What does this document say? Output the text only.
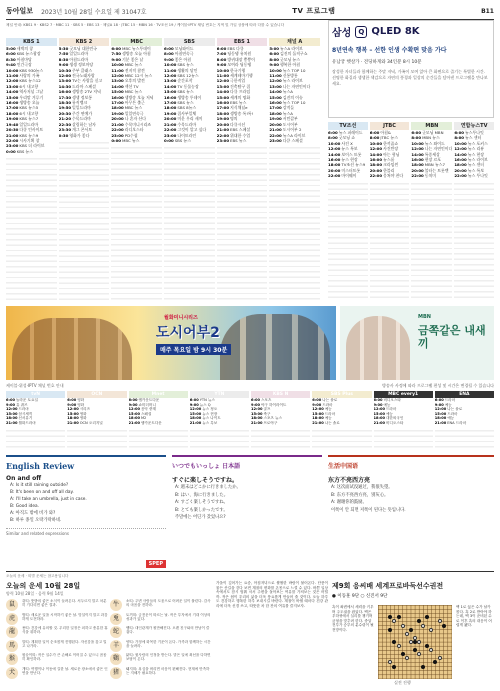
동아일보 2023년 10월 28일 수요일 제 31047호	TV 프로그램	B11
채널 안내: KBS1 9 · KBS2 7 · MBC 11 · SBS 5 · EBS 13 · 채널A 18 · JTBC 15 · MBN 16 · TV조선 19 / 케이블·IPTV 채널 번호는 지역 및 가입 상품에 따라 다를 수 있습니다
KBS 1
5:00새벽의 창
6:00KBS 뉴스광장
8:30아침마당
9:40인간극장
10:00KBS 930뉴스
11:00사랑의 가족
12:00KBS 뉴스12
13:006시 내고향
14:00역사저널 그날
15:00우리말 겨루기
16:00생방송 오늘
17:00KBS 뉴스5
18:006시 내고향
19:00KBS 뉴스7
19:40일일드라마
20:30다큐 인사이트
21:00KBS 뉴스9
22:00시사기획 창
23:00KBS 더 라이브
0:00KBS 뉴스
KBS 2
5:30굿모닝 대한민국
7:50일일드라마
8:30아침드라마
9:00생생 정보마당
10:30주부 클래스
12:00전국노래자랑
13:00TV는 사랑을 싣고
14:30드라마 스페셜
16:00생방송 2TV 저녁
17:30생생 정보통
18:30뮤직뱅크
19:50일일드라마
20:30주간 연예가
21:20수목드라마
22:30살림하는 남자
23:30개그 콘서트
0:30영화가 좋다
MBC
6:00MBC 뉴스투데이
7:50생방송 오늘 아침
9:00기분 좋은 날
10:00MBC 뉴스
11:00전지적 참견
12:00MBC 12시 뉴스
13:00오후의 발견
14:00섹션 TV
15:00MBC 뉴스
16:00생방송 오늘 저녁
17:00아무튼 출근
18:00MBC 뉴스
19:00일일연속극
20:00나 혼자 산다
21:00수목미니시리즈
22:00라디오스타
23:00PD수첩
0:00MBC 뉴스
SBS
6:00모닝와이드
8:00아침연속극
9:00좋은 아침
10:00SBS 뉴스
11:00생활의 달인
12:00SBS 12뉴스
13:00순간포착
14:00TV 동물농장
15:00SBS 뉴스
16:00생방송 투데이
17:00SBS 뉴스
18:00SBS 8뉴스
19:00집사부일체
20:00미운 우리 새끼
21:00수목드라마
22:00그것이 알고 싶다
23:00나이트라인
0:00SBS 뉴스
EBS 1
6:00EBS 다큐
7:00딩동댕 유치원
8:00방귀대장 뿡뿡이
9:00모여라 딩동댕
10:00한국기행
11:00세계테마기행
12:00극한직업
13:00건축탐구 집
14:00다큐 프라임
15:00세계의 명화
16:00EBS 뉴스
17:00지식채널e
18:00생방송 톡!톡!
19:00명의
20:00다큐시선
21:00EBS 스페셜
22:00위대한 수업
23:00EBS 뉴스
채널 A
5:00뉴스A 라이브
6:00김진의 돌직구쇼
8:00굿모닝 뉴스
9:00행복한 아침
10:00뉴스 TOP 10
11:00신통방통
12:00뉴스 라이브
13:00나는 자연인이다
14:00뉴스A
15:00김진의 이슈
16:00뉴스 TOP 10
17:00강적들
18:00뉴스A
19:00서민갑부
20:00도시어부
21:00도시어부 2
22:00뉴스A 라이브
23:00다큐 스페셜
삼성	Q QLED 8K
8년연속 행복 – 선한 인생 수확편 맞음 가다
유남궁 햇살가 · 견딩하게와 34인분 8시 10분
장성한 자녀들과 함께하는 주말 저녁, 가족이 모여 앉아 큰 화면으로 즐기는 특별한 시간. 선명한 화질과 생생한 색감으로 자연의 풍경과 일상의 순간들을 담아낸 프로그램을 만나보세요.
TV조선
6:00뉴스 퍼레이드
8:00굿모닝 쇼
10:00사건 X
12:00뉴스 특보
14:00보이스 트롯
16:00뉴스 현장
18:00TV조선 뉴스9
20:00미스터트롯
22:00마이웨이
JTBC
6:00아침&
8:00JTBC 뉴스
10:00한끼줍쇼
12:00사건반장
14:00아는 형님
16:00뉴스룸
18:00크라임씬
20:00한블리
22:00뭉쳐야 찬다
MBN
6:00굿모닝 MBN
8:00MBN 뉴스
10:00뉴스 와이드
12:00나는 자연인이다
14:00특종세상
16:00현장 르포
18:00MBN 뉴스7
20:00불타는 트롯맨
22:00동치미
연합뉴스TV
6:00뉴스투나잇
8:00뉴스 센터
10:00뉴스 포커스
12:00뉴스 리뷰
14:00뉴스 현장
16:00뉴스 라이브
18:00뉴스 센터
20:00뉴스 특보
22:00뉴스 투나잇
월화미니시리즈
도시어부2
매주 목요일 밤 9시 30분
MBN
금쪽같은 내새끼
케이블·위성·IPTV 채널 번호 안내	방송사 사정에 따라 프로그램 편성 및 시간은 변경될 수 있습니다
tvN
6:00놀라운 토요일
9:00유 퀴즈
12:00드라마
15:00삼시세끼
18:00신서유기
21:00월화드라마
OCN
6:00영화
9:00영화
12:00시리즈
15:00영화
18:00영화
21:00OCN 오리지널
Mnet
6:00엠카운트다운
9:00쇼미더머니
12:00음악 중계
15:00스페셜
18:00M2
21:00엠카운트다운
YTN
6:00YTN 뉴스
9:00뉴스 Q
12:00뉴스 정오
15:00뉴스 현장
18:00뉴스 나이트
21:00뉴스 특보
KBS N
6:00스포츠
9:00야구 하이라이트
12:00골프
15:00축구
18:00스포츠 뉴스
21:00프로야구
SBS Plus
6:00나는 솔로
9:00드라마
12:00예능
15:00드라마
18:00예능
21:00나는 솔로
MBC every1
6:00비디오스타
9:00예능
12:00드라마
15:00예능
18:00대한외국인
21:00비디오스타
ENA
6:00드라마
9:00예능
12:00나는 솔로
15:00드라마
18:00예능
21:00ENA 드라마
English Review
On and off
A: Is it still raining outside?
B: It's been on and off all day.
A: I'll take an umbrella, just in case.
B: Good idea.
A: 아직도 밖에 비가 와?
B: 하루 종일 오락가락하네.
Similar and related expressions
SPEP
いつでもいっしょ 日本語
すぐに楽しそうですね。
A: 週末はどこかに行きましたか。
B: はい、海に行きました。
A: すごく楽しそうですね。
B: とても楽しかったです。
주말에는 어딘가 갔었나요?
生活中国语
东方不亮西方亮
A: 这次面试没通过，我很失望。
B: 东方不亮西方亮，别灰心。
A: 谢谢你的鼓励。
이쪽이 안 되면 저쪽이 된다는 뜻입니다.
오늘의 운세 · 띠별 운세는 참고용입니다
오늘의 운세 10월 28일
양력 10월 28일 · 음력 9월 14일
鼠	쥐띠: 뜻밖의 좋은 소식이 들려온다. 서두르지 말고 차분히 기다리면 좋은 결과.	牛	소띠: 주변 사람들의 도움으로 어려운 일이 풀린다. 감사의 마음을 전하라.
虎	범띠: 새로운 일을 시작하기 좋은 날. 망설이지 말고 과감하게 도전하라.	兎	토끼띠: 금전운이 따르는 날. 작은 투자에서 기대 이상의 성과가 있다.
龍	용띠: 건강에 유의할 것. 무리한 일정은 피하고 충분한 휴식을 취하라.	蛇	뱀띠: 대인관계가 원만해진다. 오랜 친구와의 만남이 즐겁다.
馬	말띠: 계획한 일이 순조롭게 진행된다. 자신감을 갖고 밀고 나가라.	羊	양띠: 가정에 화목한 기운이 돈다. 가족과 함께하는 시간을 늘려라.
猴	원숭이띠: 작은 실수가 큰 손해로 이어질 수 있으니 꼼꼼히 확인하라.	鷄	닭띠: 윗사람의 인정을 받는다. 맡은 일에 최선을 다하면 보답이 온다.
犬	개띠: 여행이나 이동에 길한 날. 새로운 장소에서 좋은 인연을 만난다.	猪	돼지띠: 욕심을 버리면 마음이 편해진다. 현재에 만족하는 지혜가 필요하다.
가을이 깊어가는 요즘, 아침저녁으로 쌀쌀한 바람이 불어온다. 단풍이 물든 산길을 걷다 보면 계절의 변화를 온몸으로 느낄 수 있다. 바쁜 일상 속에서도 잠시 멈춰 서서 주변을 돌아보는 여유를 가져보는 것은 어떨까. 작은 쉼이 우리의 삶을 더욱 풍요롭게 만들어 줄 것이다. 오늘 하루도 건강하고 행복한 하루 보내시길 바란다. 계절이 바뀔 때마다 건강 관리에 더욱 신경 쓰고, 따뜻한 차 한 잔의 여유를 즐겨보자.
제9회 응씨배 세계프로바둑선수권전
● 이동훈 9단 ○ 신진서 9단
흑이 좌변에서 세력을 키우며 주도권을 잡았다. 백은 우하귀에서 실리를 챙기며 균형을 맞추려 한다. 중앙 전투가 승부의 분수령이 될 전망이다.
백 1로 끊은 수가 날카롭다. 흑 2로 받아야 하는데, 백 3이 준비된 수로 이후 흑의 대응이 어렵게 됐다.
실전 진행
